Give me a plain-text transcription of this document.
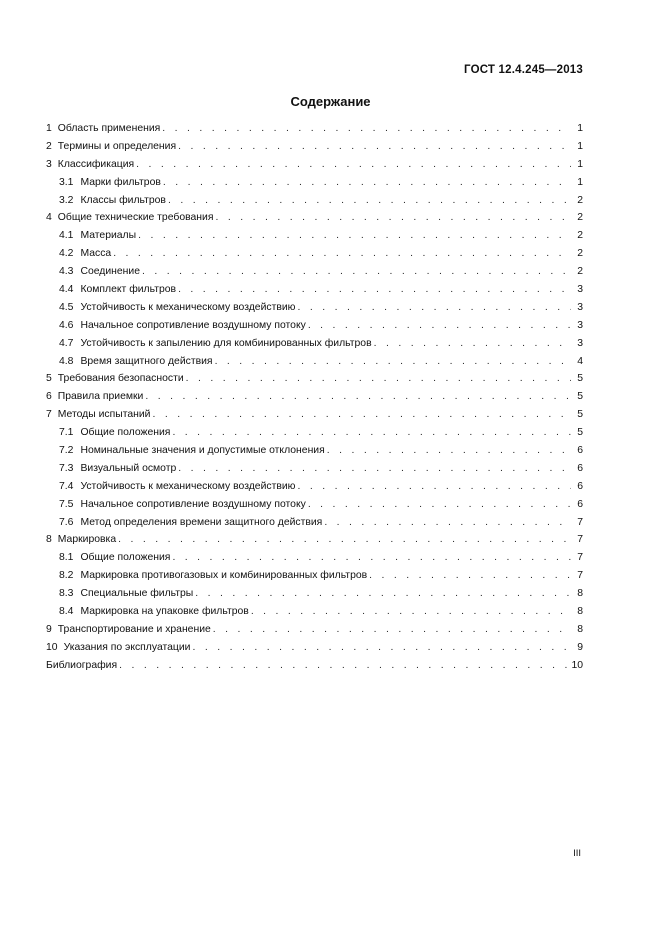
ГОСТ 12.4.245—2013
Содержание
1 Область применения . . .	1
2 Термины и определения . . .	1
3 Классификация . . .	1
3.1 Марки фильтров . . .	1
3.2 Классы фильтров . . .	2
4 Общие технические требования . . .	2
4.1 Материалы . . .	2
4.2 Масса . . .	2
4.3 Соединение . . .	2
4.4 Комплект фильтров . . .	3
4.5 Устойчивость к механическому воздействию . . .	3
4.6 Начальное сопротивление воздушному потоку . . .	3
4.7 Устойчивость к запылению для комбинированных фильтров . . .	3
4.8 Время защитного действия . . .	4
5 Требования безопасности . . .	5
6 Правила приемки . . .	5
7 Методы испытаний . . .	5
7.1 Общие положения . . .	5
7.2 Номинальные значения и допустимые отклонения . . .	6
7.3 Визуальный осмотр . . .	6
7.4 Устойчивость к механическому воздействию . . .	6
7.5 Начальное сопротивление воздушному потоку . . .	6
7.6 Метод определения времени защитного действия . . .	7
8 Маркировка . . .	7
8.1 Общие положения . . .	7
8.2 Маркировка противогазовых и комбинированных фильтров . . .	7
8.3 Специальные фильтры . . .	8
8.4 Маркировка на упаковке фильтров . . .	8
9 Транспортирование и хранение . . .	8
10 Указания по эксплуатации . . .	9
Библиография . . .	10
III
